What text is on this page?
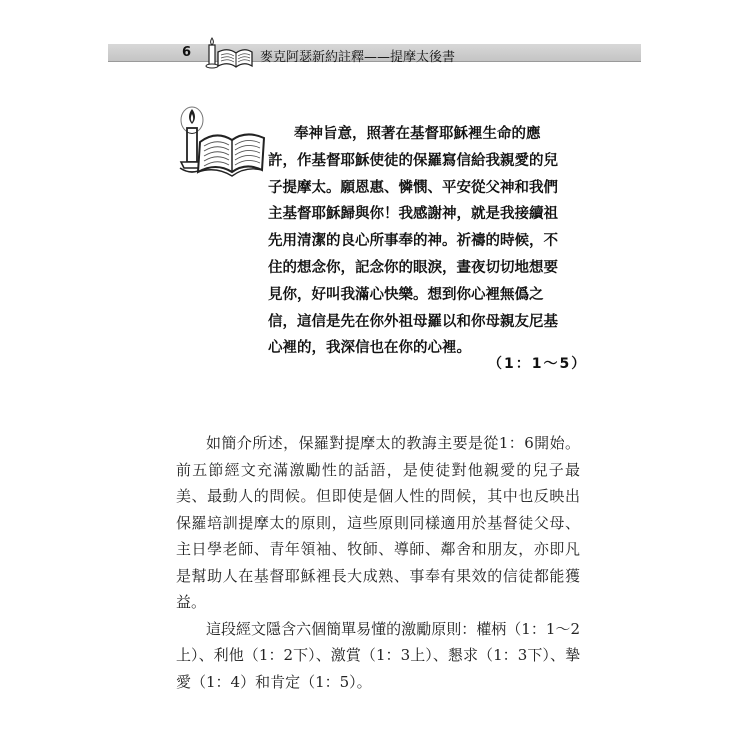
6	麥克阿瑟新約註釋——提摩太後書
奉神旨意，照著在基督耶穌裡生命的應許，作基督耶穌使徒的保羅寫信給我親愛的兒子提摩太。願恩惠、憐憫、平安從父神和我們主基督耶穌歸與你！我感謝神，就是我接續祖先用清潔的良心所事奉的神。祈禱的時候，不住的想念你，記念你的眼淚，晝夜切切地想要見你，好叫我滿心快樂。想到你心裡無僞之信，這信是先在你外祖母羅以和你母親友尼基心裡的，我深信也在你的心裡。
（1：1～5）

如簡介所述，保羅對提摩太的教誨主要是從1：6開始。前五節經文充滿激勵性的話語，是使徒對他親愛的兒子最美、最動人的問候。但即使是個人性的問候，其中也反映出保羅培訓提摩太的原則，這些原則同樣適用於基督徒父母、主日學老師、青年領袖、牧師、導師、鄰舍和朋友，亦即凡是幫助人在基督耶穌裡長大成熟、事奉有果效的信徒都能獲益。

這段經文隱含六個簡單易懂的激勵原則：權柄（1：1～2上）、利他（1：2下）、激賞（1：3上）、懇求（1：3下）、摯愛（1：4）和肯定（1：5）。
